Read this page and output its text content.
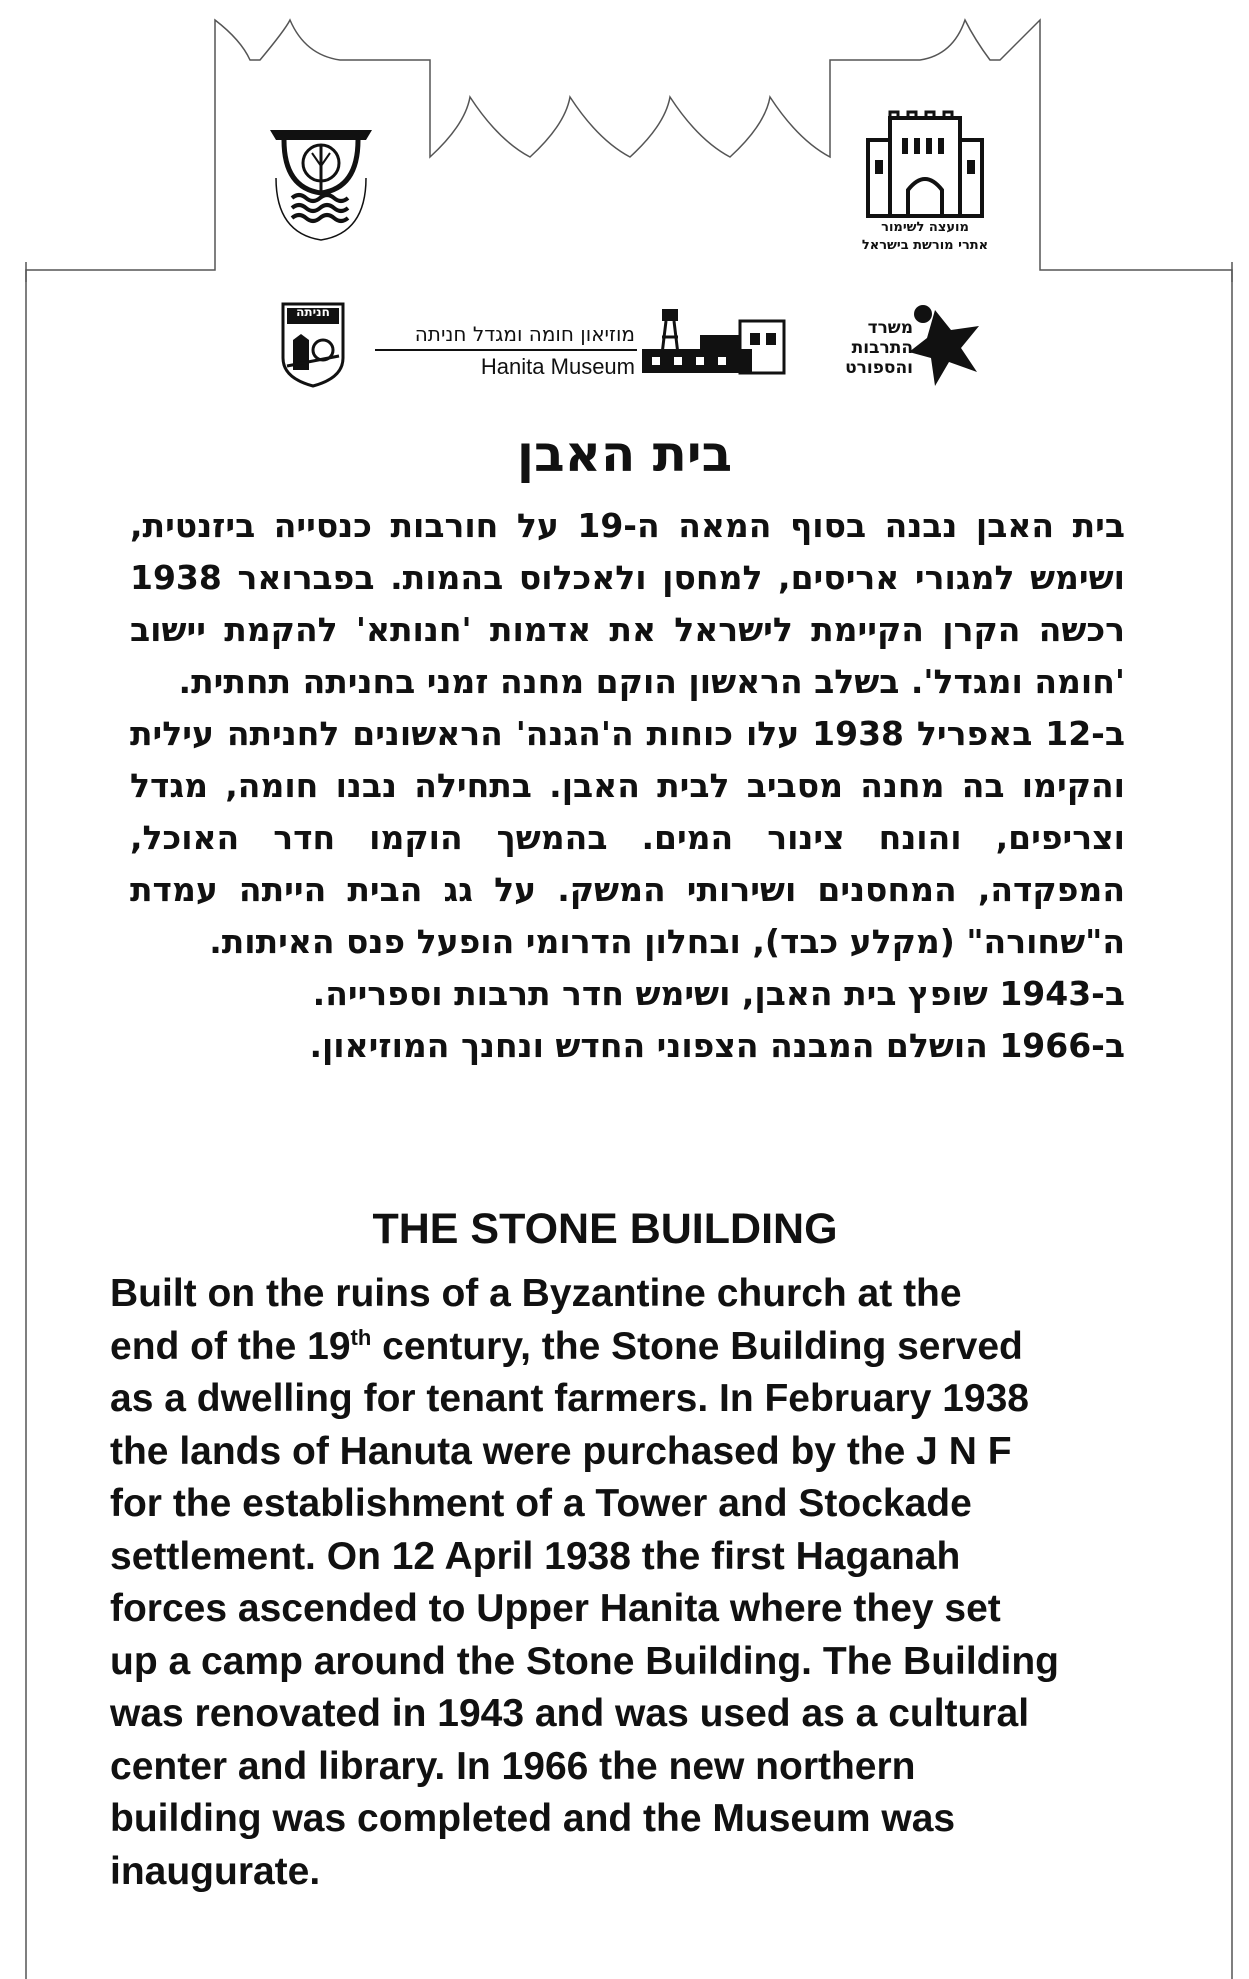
מועצה לשימור
אתרי מורשת בישראל
חניתה
מוזיאון חומה ומגדל חניתה
Hanita Museum
משרד
התרבות
והספורט
בית האבן

בית האבן נבנה בסוף המאה ה-19 על חורבות כנסייה ביזנטית, ושימש למגורי אריסים, למחסן ולאכלוס בהמות. בפברואר 1938 רכשה הקרן הקיימת לישראל את אדמות 'חנותא' להקמת יישוב 'חומה ומגדל'. בשלב הראשון הוקם מחנה זמני בחניתה תחתית.

ב-12 באפריל 1938 עלו כוחות ה'הגנה' הראשונים לחניתה עילית והקימו בה מחנה מסביב לבית האבן. בתחילה נבנו חומה, מגדל וצריפים, והונח צינור המים. בהמשך הוקמו חדר האוכל, המפקדה, המחסנים ושירותי המשק. על גג הבית הייתה עמדת ה"שחורה" (מקלע כבד), ובחלון הדרומי הופעל פנס האיתות.

ב-1943 שופץ בית האבן, ושימש חדר תרבות וספרייה.

ב-1966 הושלם המבנה הצפוני החדש ונחנך המוזיאון.

THE STONE BUILDING
Built on the ruins of a Byzantine church at the
end of the 19th century, the Stone Building served
as a dwelling for tenant farmers. In February 1938
the lands of Hanuta were purchased by the J N F
for the establishment of a Tower and Stockade
settlement. On 12 April 1938 the first Haganah
forces ascended to Upper Hanita where they set
up a camp around the Stone Building. The Building
was renovated in 1943 and was used as a cultural
center and library. In 1966 the new northern
building was completed and the Museum was
inaugurate.
